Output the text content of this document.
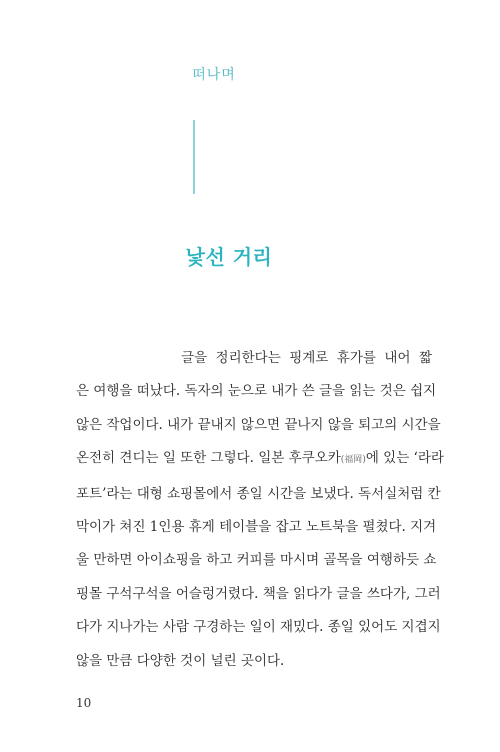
떠나며
낯선 거리
글을 정리한다는 핑계로 휴가를 내어 짧
은 여행을 떠났다. 독자의 눈으로 내가 쓴 글을 읽는 것은 쉽지
않은 작업이다. 내가 끝내지 않으면 끝나지 않을 퇴고의 시간을
온전히 견디는 일 또한 그렇다. 일본 후쿠오카(福岡)에 있는 ‘라라
포트’라는 대형 쇼핑몰에서 종일 시간을 보냈다. 독서실처럼 칸
막이가 쳐진 1인용 휴게 테이블을 잡고 노트북을 펼쳤다. 지겨
울 만하면 아이쇼핑을 하고 커피를 마시며 골목을 여행하듯 쇼
핑몰 구석구석을 어슬렁거렸다. 책을 읽다가 글을 쓰다가, 그러
다가 지나가는 사람 구경하는 일이 재밌다. 종일 있어도 지겹지
않을 만큼 다양한 것이 널린 곳이다.
10
